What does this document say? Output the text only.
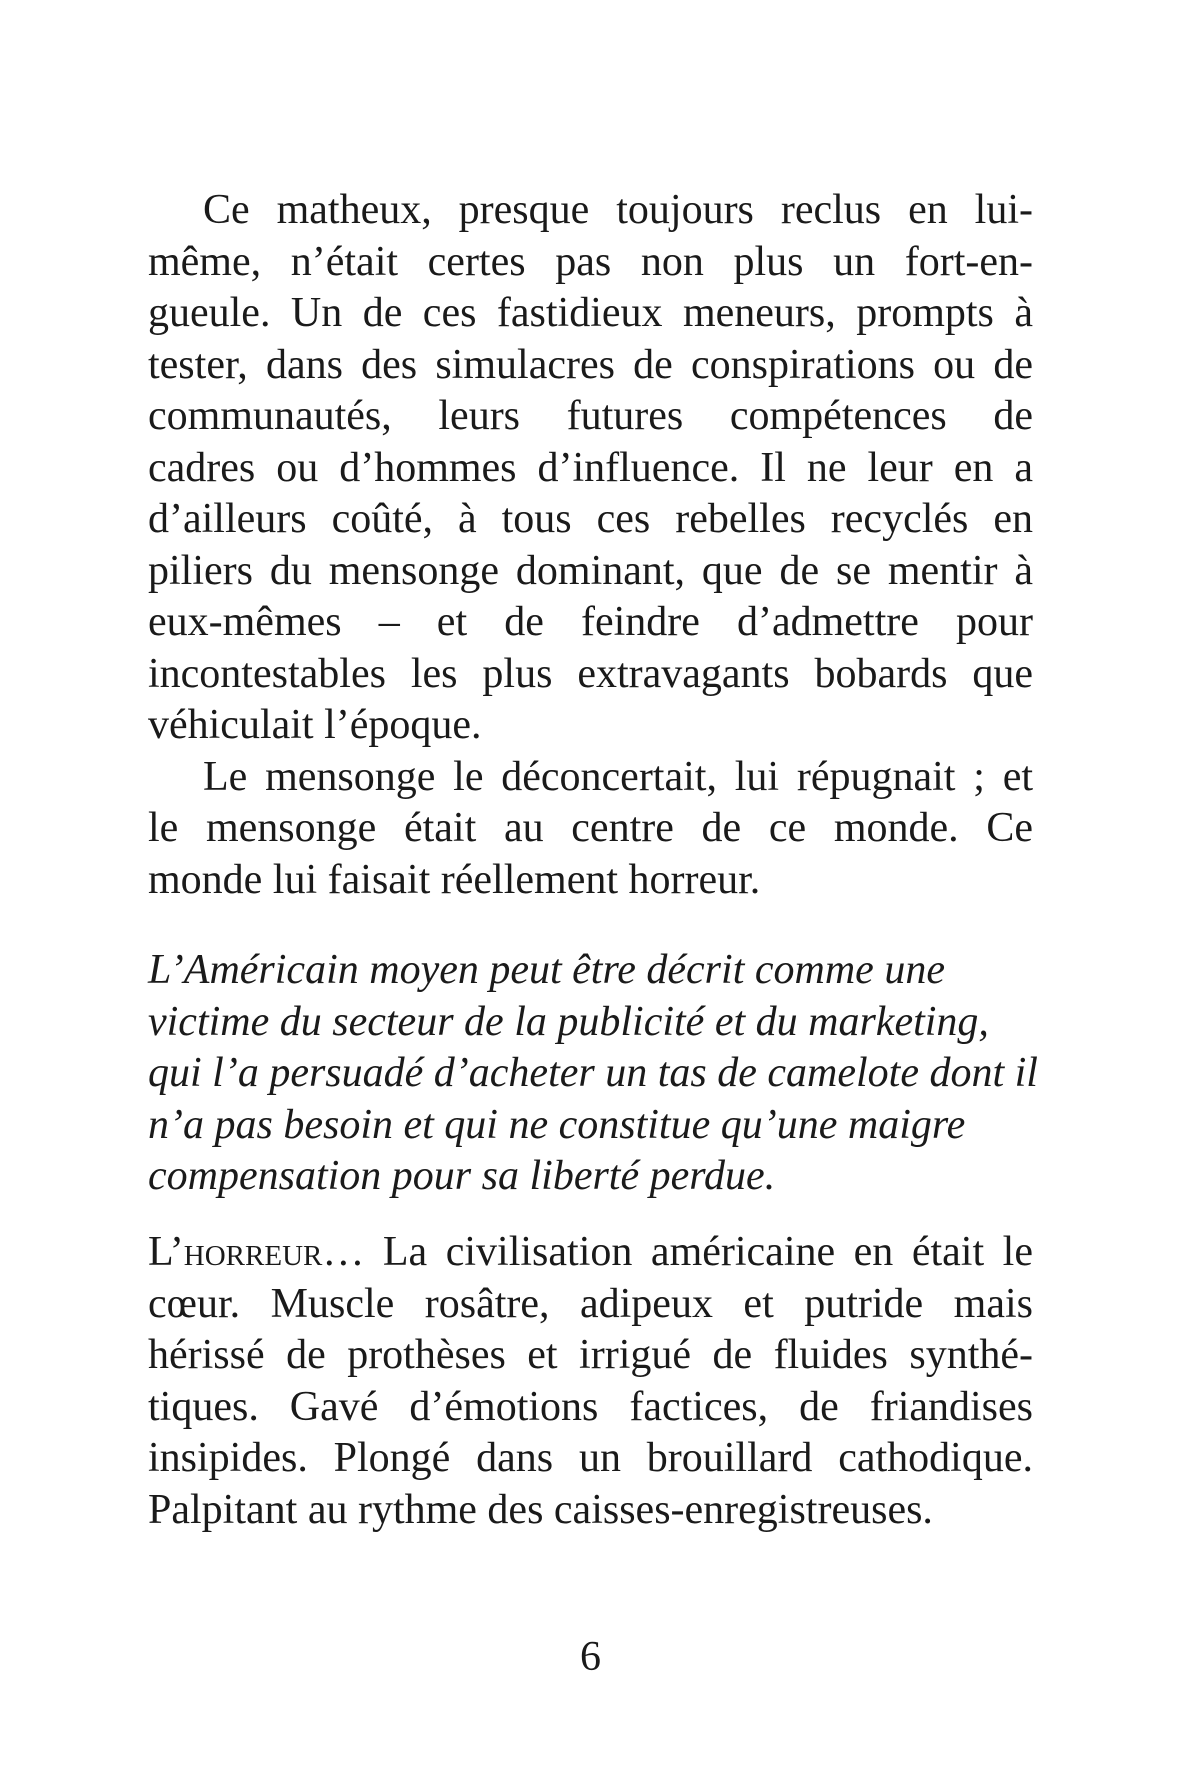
Ce matheux, presque toujours reclus en lui-
même, n’était certes pas non plus un fort-en-
gueule. Un de ces fastidieux meneurs, prompts à
tester, dans des simulacres de conspirations ou de
communautés, leurs futures compétences de
cadres ou d’hommes d’influence. Il ne leur en a
d’ailleurs coûté, à tous ces rebelles recyclés en
piliers du mensonge dominant, que de se mentir à
eux-mêmes – et de feindre d’admettre pour
incontestables les plus extravagants bobards que
véhiculait l’époque.
Le mensonge le déconcertait, lui répugnait ; et
le mensonge était au centre de ce monde. Ce
monde lui faisait réellement horreur.
L’Américain moyen peut être décrit comme une
victime du secteur de la publicité et du marketing,
qui l’a persuadé d’acheter un tas de camelote dont il
n’a pas besoin et qui ne constitue qu’une maigre
compensation pour sa liberté perdue.
L’horreur… La civilisation américaine en était le
cœur. Muscle rosâtre, adipeux et putride mais
hérissé de prothèses et irrigué de fluides synthé-
tiques. Gavé d’émotions factices, de friandises
insipides. Plongé dans un brouillard cathodique.
Palpitant au rythme des caisses-enregistreuses.
6
